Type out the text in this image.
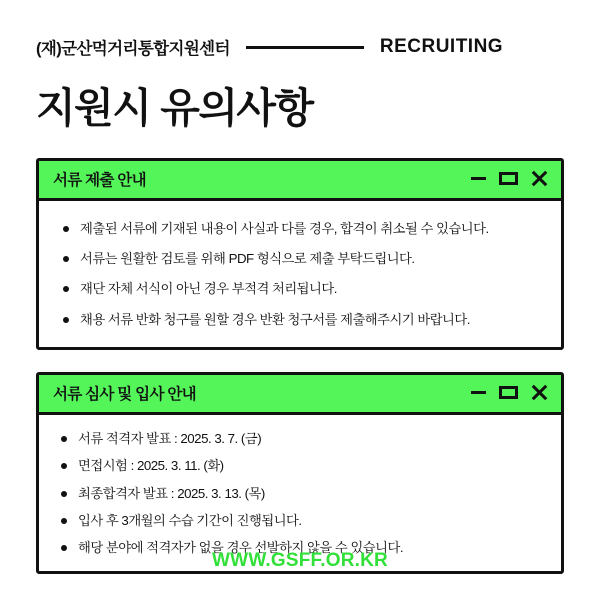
(재)군산먹거리통합지원센터	RECRUITING
지원시 유의사항
서류 제출 안내
제출된 서류에 기재된 내용이 사실과 다를 경우, 합격이 취소될 수 있습니다.
서류는 원활한 검토를 위해 PDF 형식으로 제출 부탁드립니다.
재단 자체 서식이 아닌 경우 부적격 처리됩니다.
채용 서류 반화 청구를 원할 경우 반환 청구서를 제출해주시기 바랍니다.
서류 심사 및 입사 안내
서류 적격자 발표 : 2025. 3. 7. (금)
면접시험 : 2025. 3. 11. (화)
최종합격자 발표 : 2025. 3. 13. (목)
입사 후 3개월의 수습 기간이 진행됩니다.
해당 분야에 적격자가 없을 경우 선발하지 않을 수 있습니다.
WWW.GSFF.OR.KR
